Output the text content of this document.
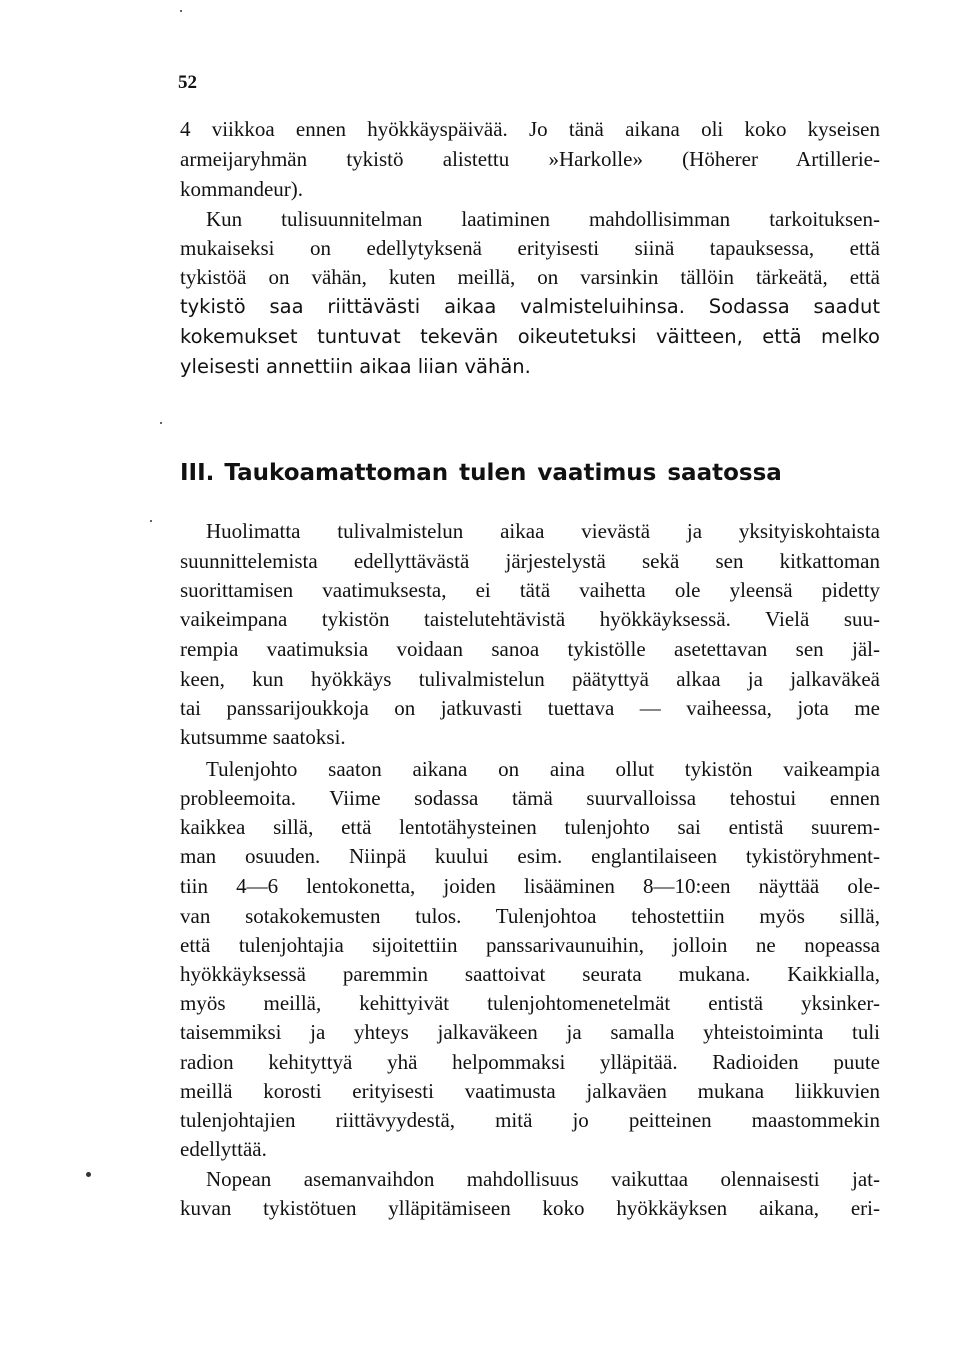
52
4 viikkoa ennen hyökkäyspäivää. Jo tänä aikana oli koko kyseisen
armeijaryhmän tykistö alistettu »Harkolle» (Höherer Artillerie-
kommandeur).
Kun tulisuunnitelman laatiminen mahdollisimman tarkoituksen-
mukaiseksi on edellytyksenä erityisesti siinä tapauksessa, että
tykistöä on vähän, kuten meillä, on varsinkin tällöin tärkeätä, että
tykistö saa riittävästi aikaa valmisteluihinsa. Sodassa saadut
kokemukset tuntuvat tekevän oikeutetuksi väitteen, että melko
yleisesti annettiin aikaa liian vähän.
III. Taukoamattoman tulen vaatimus saatossa
Huolimatta tulivalmistelun aikaa vievästä ja yksityiskohtaista
suunnittelemista edellyttävästä järjestelystä sekä sen kitkattoman
suorittamisen vaatimuksesta, ei tätä vaihetta ole yleensä pidetty
vaikeimpana tykistön taistelutehtävistä hyökkäyksessä. Vielä suu-
rempia vaatimuksia voidaan sanoa tykistölle asetettavan sen jäl-
keen, kun hyökkäys tulivalmistelun päätyttyä alkaa ja jalkaväkeä
tai panssarijoukkoja on jatkuvasti tuettava — vaiheessa, jota me
kutsumme saatoksi.
Tulenjohto saaton aikana on aina ollut tykistön vaikeampia
probleemoita. Viime sodassa tämä suurvalloissa tehostui ennen
kaikkea sillä, että lentotähysteinen tulenjohto sai entistä suurem-
man osuuden. Niinpä kuului esim. englantilaiseen tykistöryhment-
tiin 4—6 lentokonetta, joiden lisääminen 8—10:een näyttää ole-
van sotakokemusten tulos. Tulenjohtoa tehostettiin myös sillä,
että tulenjohtajia sijoitettiin panssarivaunuihin, jolloin ne nopeassa
hyökkäyksessä paremmin saattoivat seurata mukana. Kaikkialla,
myös meillä, kehittyivät tulenjohtomenetelmät entistä yksinker-
taisemmiksi ja yhteys jalkaväkeen ja samalla yhteistoiminta tuli
radion kehityttyä yhä helpommaksi ylläpitää. Radioiden puute
meillä korosti erityisesti vaatimusta jalkaväen mukana liikkuvien
tulenjohtajien riittävyydestä, mitä jo peitteinen maastommekin
edellyttää.
Nopean asemanvaihdon mahdollisuus vaikuttaa olennaisesti jat-
kuvan tykistötuen ylläpitämiseen koko hyökkäyksen aikana, eri-
